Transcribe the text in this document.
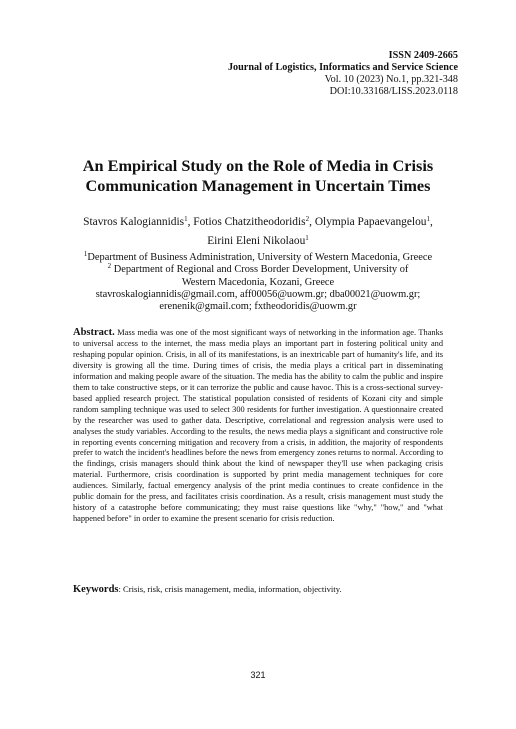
ISSN 2409-2665
Journal of Logistics, Informatics and Service Science
Vol. 10 (2023) No.1, pp.321-348
DOI:10.33168/LISS.2023.0118
An Empirical Study on the Role of Media in Crisis
Communication Management in Uncertain Times
Stavros Kalogiannidis$^1$, Fotios Chatzitheodoridis$^2$, Olympia Papaevangelou$^1$,
Eirini Eleni Nikolaou$^1$
$^1$Department of Business Administration, University of Western Macedonia, Greece
$^2$ Department of Regional and Cross Border Development, University of
Western Macedonia, Kozani, Greece
stavroskalogiannidis@gmail.com, aff00056@uowm.gr; dba00021@uowm.gr;
erenenik@gmail.com; fxtheodoridis@uowm.gr
Abstract. Mass media was one of the most significant ways of networking in the information age. Thanks to universal access to the internet, the mass media plays an important part in fostering political unity and reshaping popular opinion. Crisis, in all of its manifestations, is an inextricable part of humanity's life, and its diversity is growing all the time. During times of crisis, the media plays a critical part in disseminating information and making people aware of the situation. The media has the ability to calm the public and inspire them to take constructive steps, or it can terrorize the public and cause havoc. This is a cross-sectional survey-based applied research project. The statistical population consisted of residents of Kozani city and simple random sampling technique was used to select 300 residents for further investigation. A questionnaire created by the researcher was used to gather data. Descriptive, correlational and regression analysis were used to analyses the study variables. According to the results, the news media plays a significant and constructive role in reporting events concerning mitigation and recovery from a crisis, in addition, the majority of respondents prefer to watch the incident's headlines before the news from emergency zones returns to normal. According to the findings, crisis managers should think about the kind of newspaper they'll use when packaging crisis material. Furthermore, crisis coordination is supported by print media management techniques for core audiences. Similarly, factual emergency analysis of the print media continues to create confidence in the public domain for the press, and facilitates crisis coordination. As a result, crisis management must study the history of a catastrophe before communicating; they must raise questions like "why," "how," and "what happened before" in order to examine the present scenario for crisis reduction.
Keywords: Crisis, risk, crisis management, media, information, objectivity.
321
